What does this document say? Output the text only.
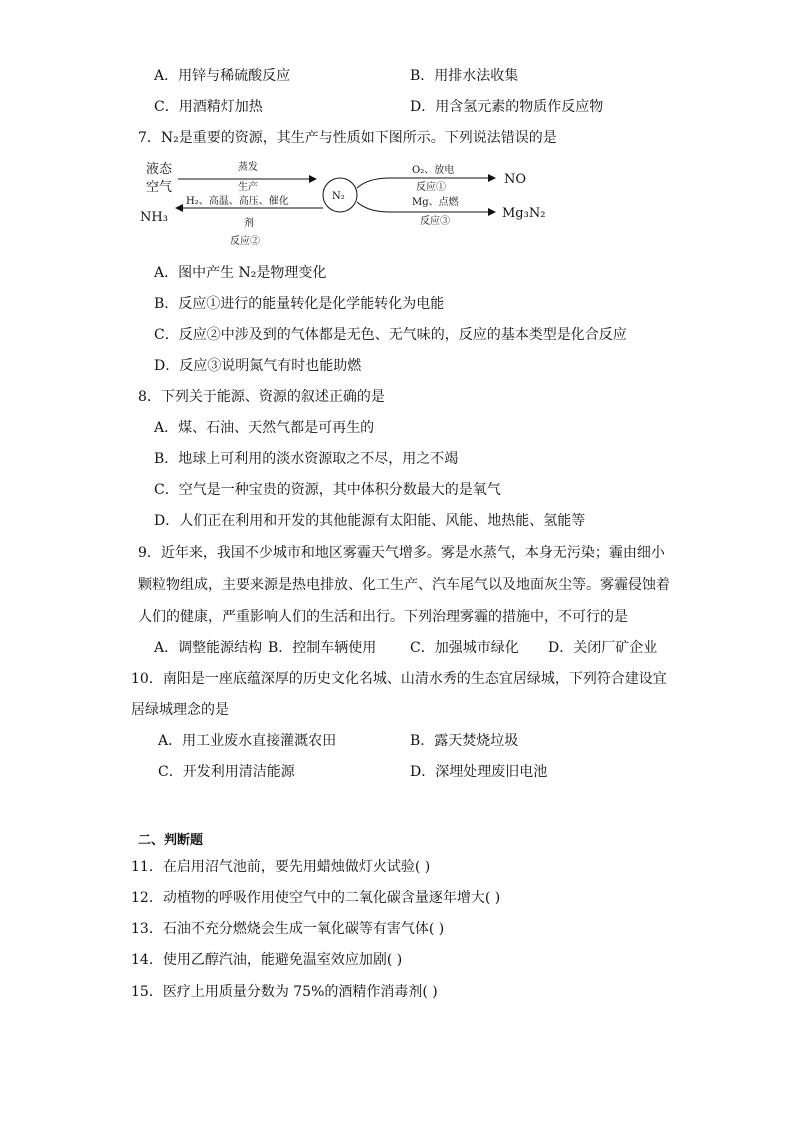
A．用锌与稀硫酸反应	B．用排水法收集
C．用酒精灯加热	D．用含氢元素的物质作反应物
7．N₂是重要的资源，其生产与性质如下图所示。下列说法错误的是
液态
空气
蒸发
生产
N₂
NH₃
H₂、高温、高压、催化
剂
反应②
O₂、放电
反应①
NO
Mg、点燃
反应③
Mg₃N₂
A．图中产生 N₂是物理变化
B．反应①进行的能量转化是化学能转化为电能
C．反应②中涉及到的气体都是无色、无气味的，反应的基本类型是化合反应
D．反应③说明氮气有时也能助燃
8．下列关于能源、资源的叙述正确的是
A．煤、石油、天然气都是可再生的
B．地球上可利用的淡水资源取之不尽，用之不竭
C．空气是一种宝贵的资源，其中体积分数最大的是氧气
D．人们正在利用和开发的其他能源有太阳能、风能、地热能、氢能等
9．近年来，我国不少城市和地区雾霾天气增多。雾是水蒸气，本身无污染；霾由细小
颗粒物组成，主要来源是热电排放、化工生产、汽车尾气以及地面灰尘等。雾霾侵蚀着
人们的健康，严重影响人们的生活和出行。下列治理雾霾的措施中，不可行的是
A．调整能源结构 B．控制车辆使用 C．加强城市绿化 D．关闭厂矿企业
10．南阳是一座底蕴深厚的历史文化名城、山清水秀的生态宜居绿城，下列符合建设宜
居绿城理念的是
A．用工业废水直接灌溉农田	B．露天焚烧垃圾
C．开发利用清洁能源	D．深埋处理废旧电池
二、判断题
11．在启用沼气池前，要先用蜡烛做灯火试验( )
12．动植物的呼吸作用使空气中的二氧化碳含量逐年增大( )
13．石油不充分燃烧会生成一氧化碳等有害气体( )
14．使用乙醇汽油，能避免温室效应加剧( )
15．医疗上用质量分数为 75%的酒精作消毒剂( )
